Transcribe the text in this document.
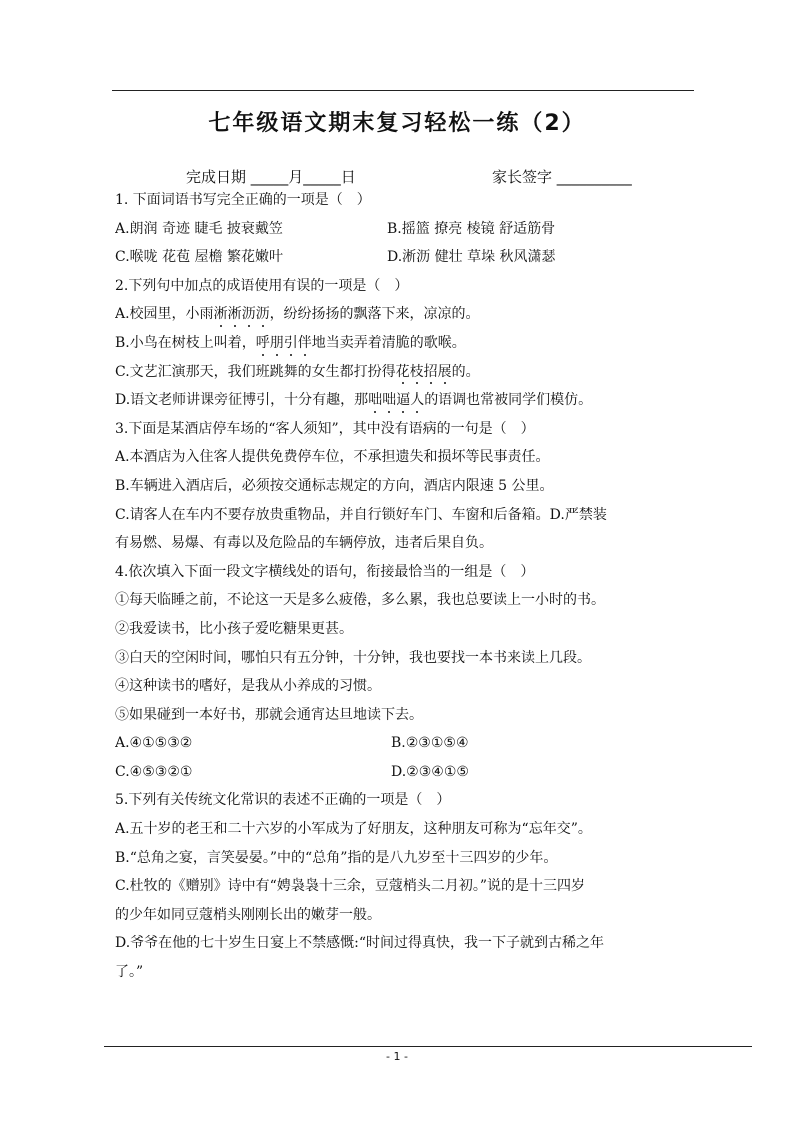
七年级语文期末复习轻松一练（2）
完成日期 _____月_____日	家长签字 __________
1. 下面词语书写完全正确的一项是（　）
A.朗润 奇迹 睫毛 披衰戴笠	B.摇篮 撩亮 棱镜 舒适筋骨
C.喉咙 花苞 屋檐 繁花嫩叶	D.淅沥 健壮 草垛 秋风潇瑟
2.下列句中加点的成语使用有误的一项是（　）
A.校园里，小雨淅淅沥沥，纷纷扬扬的飘落下来，凉凉的。
B.小鸟在树枝上叫着，呼朋引伴地当卖弄着清脆的歌喉。
C.文艺汇演那天，我们班跳舞的女生都打扮得花枝招展的。
D.语文老师讲课旁征博引，十分有趣，那咄咄逼人的语调也常被同学们模仿。
3.下面是某酒店停车场的“客人须知”，其中没有语病的一句是（　）
A.本酒店为入住客人提供免费停车位，不承担遗失和损坏等民事责任。
B.车辆进入酒店后，必须按交通标志规定的方向，酒店内限速 5 公里。
C.请客人在车内不要存放贵重物品，并自行锁好车门、车窗和后备箱。D.严禁装
有易燃、易爆、有毒以及危险品的车辆停放，违者后果自负。
4.依次填入下面一段文字横线处的语句，衔接最恰当的一组是（　）
①每天临睡之前，不论这一天是多么疲倦，多么累，我也总要读上一小时的书。
②我爱读书，比小孩子爱吃糖果更甚。
③白天的空闲时间，哪怕只有五分钟，十分钟，我也要找一本书来读上几段。
④这种读书的嗜好，是我从小养成的习惯。
⑤如果碰到一本好书，那就会通宵达旦地读下去。
A.④①⑤③②	B.②③①⑤④
C.④⑤③②①	D.②③④①⑤
5.下列有关传统文化常识的表述不正确的一项是（　）
A.五十岁的老王和二十六岁的小军成为了好朋友，这种朋友可称为“忘年交”。
B.“总角之宴，言笑晏晏。”中的“总角”指的是八九岁至十三四岁的少年。
C.杜牧的《赠别》诗中有“娉袅袅十三余，豆蔻梢头二月初。”说的是十三四岁
的少年如同豆蔻梢头刚刚长出的嫩芽一般。
D.爷爷在他的七十岁生日宴上不禁感慨:“时间过得真快，我一下子就到古稀之年
了。”
- 1 -
